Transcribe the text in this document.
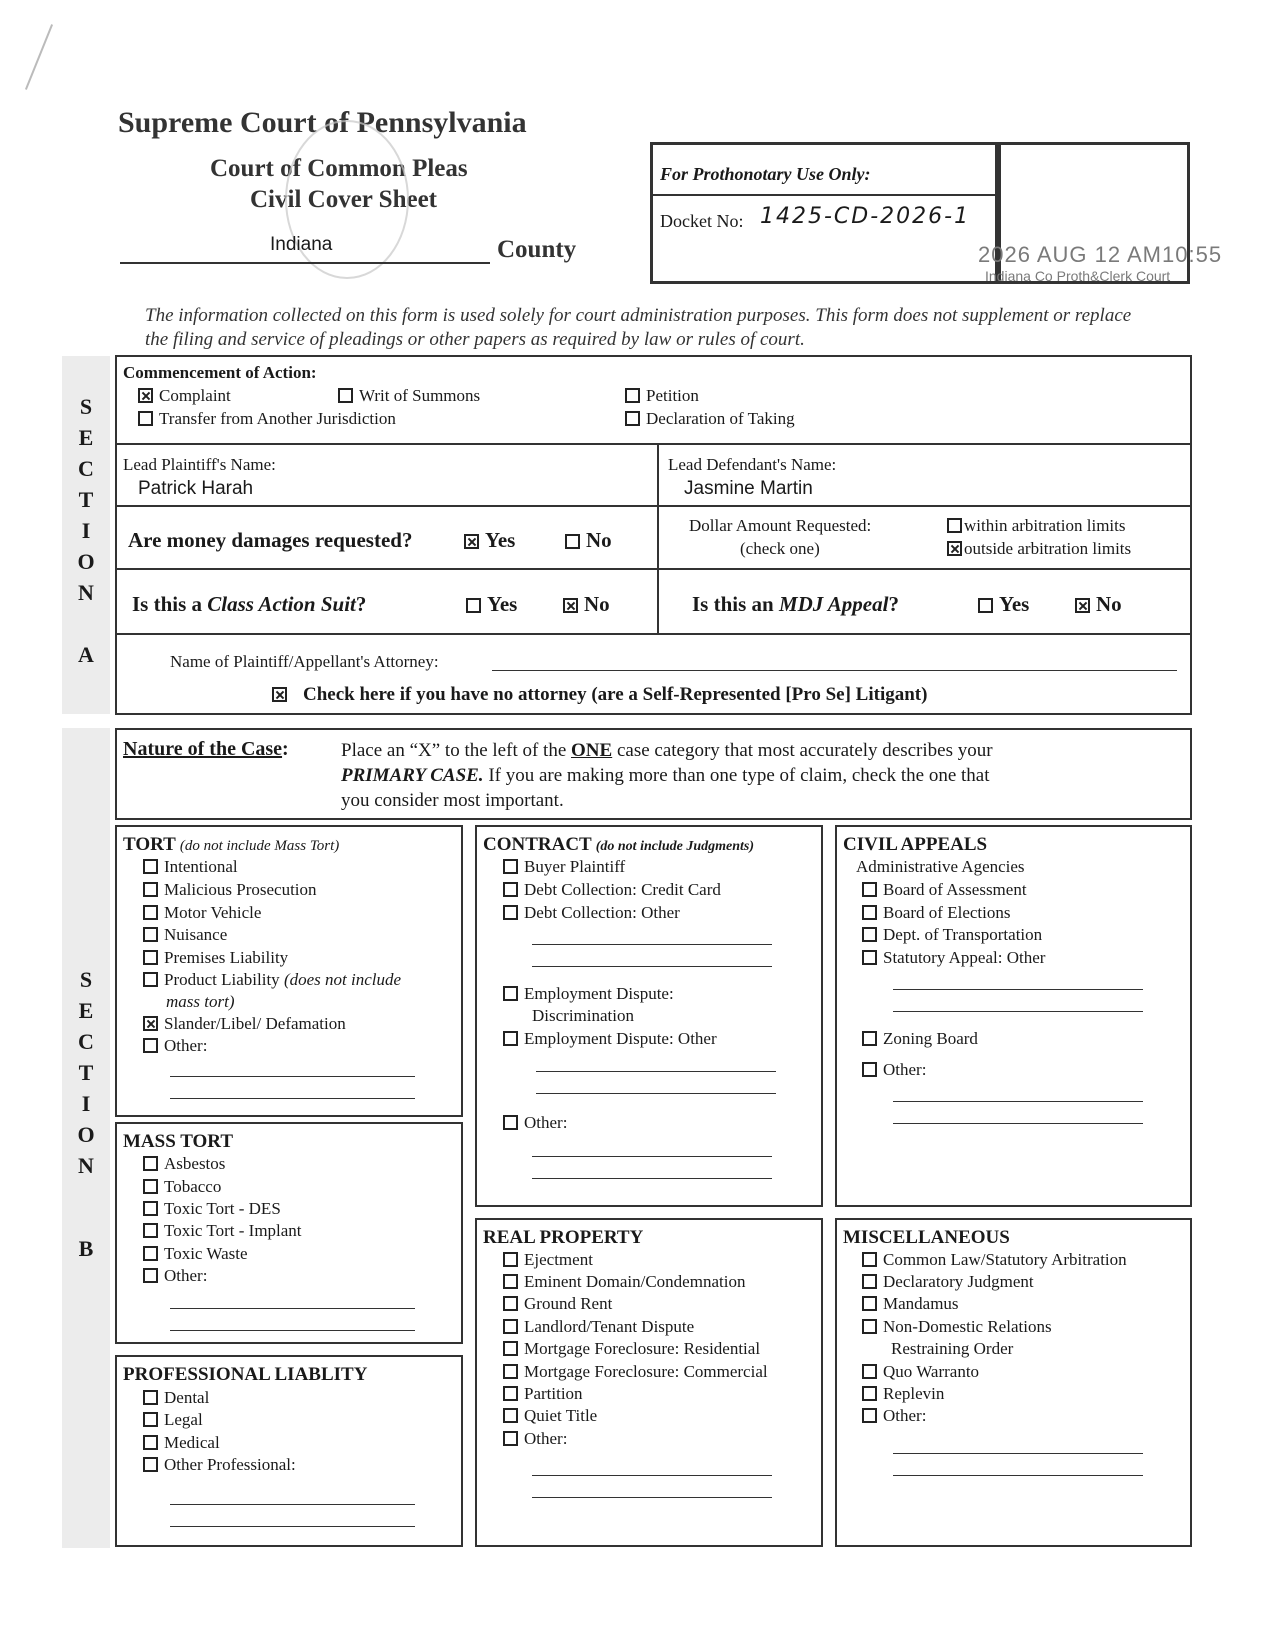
Supreme Court of Pennsylvania
Court of Common Pleas
Civil Cover Sheet
Indiana	County
For Prothonotary Use Only:
Docket No: 1425-CD-2026-1
2026 AUG 12 AM10:55
Indiana Co Proth&Clerk Court
The information collected on this form is used solely for court administration purposes. This form does not supplement or replace the filing and service of pleadings or other papers as required by law or rules of court.
S
E
C
T
I
O
N
A
Commencement of Action:
Complaint	Writ of Summons	Petition
Transfer from Another Jurisdiction	Declaration of Taking
Lead Plaintiff's Name:
Patrick Harah
Lead Defendant's Name:
Jasmine Martin
Are money damages requested?	Yes	No
Dollar Amount Requested:
(check one)
within arbitration limits
outside arbitration limits
Is this a Class Action Suit?	Yes	No	Is this an MDJ Appeal?	Yes	No
Name of Plaintiff/Appellant's Attorney:
Check here if you have no attorney (are a Self-Represented [Pro Se] Litigant)
S
E
C
T
I
O
N
B
Nature of the Case:	Place an “X” to the left of the ONE case category that most accurately describes your
PRIMARY CASE. If you are making more than one type of claim, check the one that
you consider most important.
TORT (do not include Mass Tort)
Intentional
Malicious Prosecution
Motor Vehicle
Nuisance
Premises Liability
Product Liability (does not include
mass tort)
Slander/Libel/ Defamation
Other:
MASS TORT
Asbestos
Tobacco
Toxic Tort - DES
Toxic Tort - Implant
Toxic Waste
Other:
PROFESSIONAL LIABLITY
Dental
Legal
Medical
Other Professional:
CONTRACT (do not include Judgments)
Buyer Plaintiff
Debt Collection: Credit Card
Debt Collection: Other
Employment Dispute:
Discrimination
Employment Dispute: Other
Other:
REAL PROPERTY
Ejectment
Eminent Domain/Condemnation
Ground Rent
Landlord/Tenant Dispute
Mortgage Foreclosure: Residential
Mortgage Foreclosure: Commercial
Partition
Quiet Title
Other:
CIVIL APPEALS
Administrative Agencies
Board of Assessment
Board of Elections
Dept. of Transportation
Statutory Appeal: Other
Zoning Board
Other:
MISCELLANEOUS
Common Law/Statutory Arbitration
Declaratory Judgment
Mandamus
Non-Domestic Relations
Restraining Order
Quo Warranto
Replevin
Other:
